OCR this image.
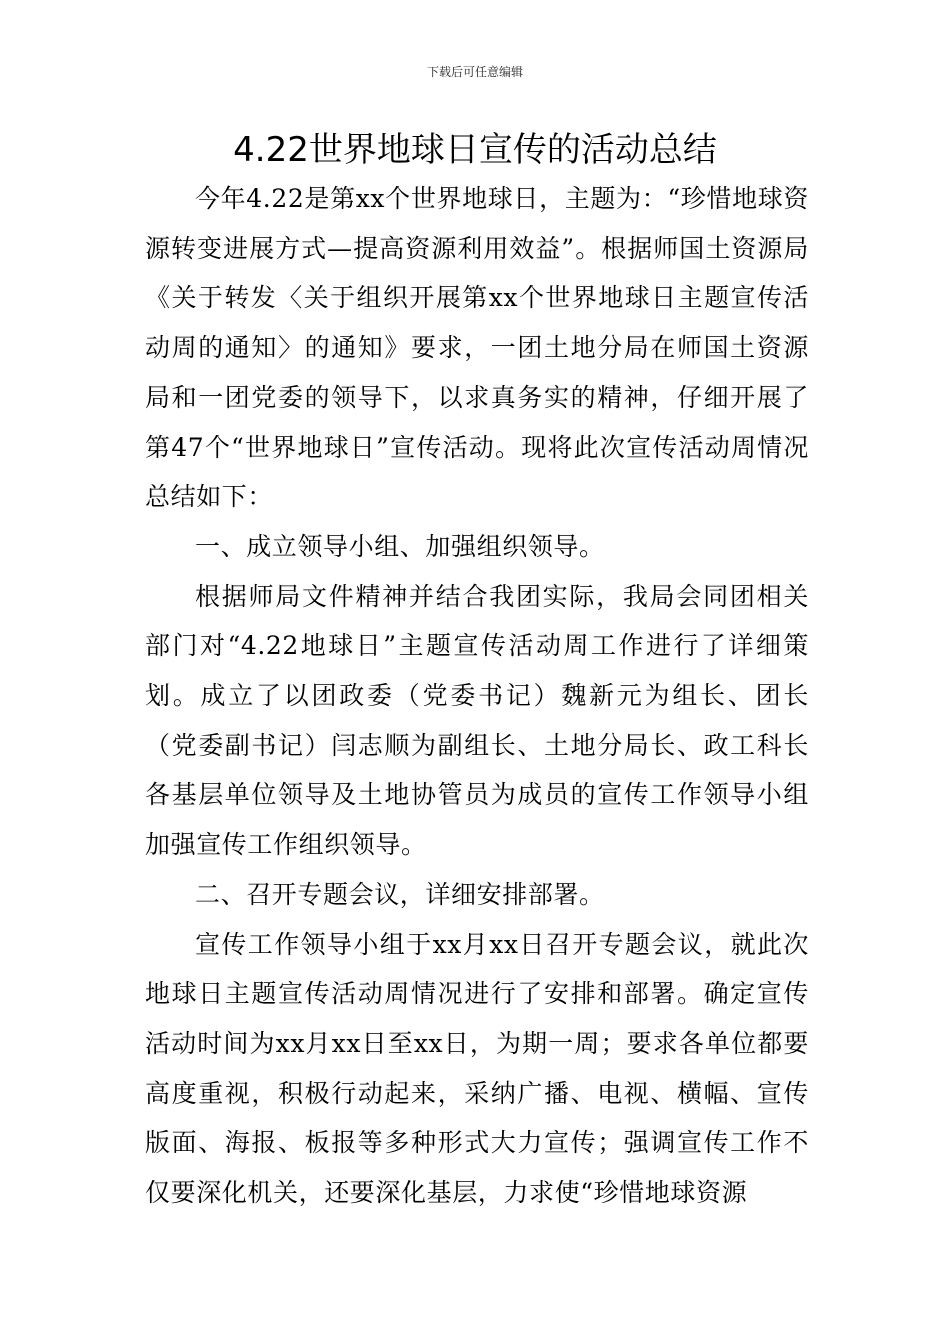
下载后可任意编辑
4.22世界地球日宣传的活动总结

今年4.22是第xx个世界地球日，主题为：“珍惜地球资源转变进展方式—提高资源利用效益”。根据师国土资源局《关于转发〈关于组织开展第xx个世界地球日主题宣传活动周的通知〉的通知》要求，一团土地分局在师国土资源局和一团党委的领导下，以求真务实的精神，仔细开展了第47个“世界地球日”宣传活动。现将此次宣传活动周情况总结如下：

一、成立领导小组、加强组织领导。

根据师局文件精神并结合我团实际，我局会同团相关部门对“4.22地球日”主题宣传活动周工作进行了详细策划。成立了以团政委（党委书记）魏新元为组长、团长（党委副书记）闫志顺为副组长、土地分局长、政工科长各基层单位领导及土地协管员为成员的宣传工作领导小组加强宣传工作组织领导。

二、召开专题会议，详细安排部署。

宣传工作领导小组于xx月xx日召开专题会议，就此次地球日主题宣传活动周情况进行了安排和部署。确定宣传活动时间为xx月xx日至xx日，为期一周；要求各单位都要高度重视，积极行动起来，采纳广播、电视、横幅、宣传版面、海报、板报等多种形式大力宣传；强调宣传工作不仅要深化机关，还要深化基层，力求使“珍惜地球资源
